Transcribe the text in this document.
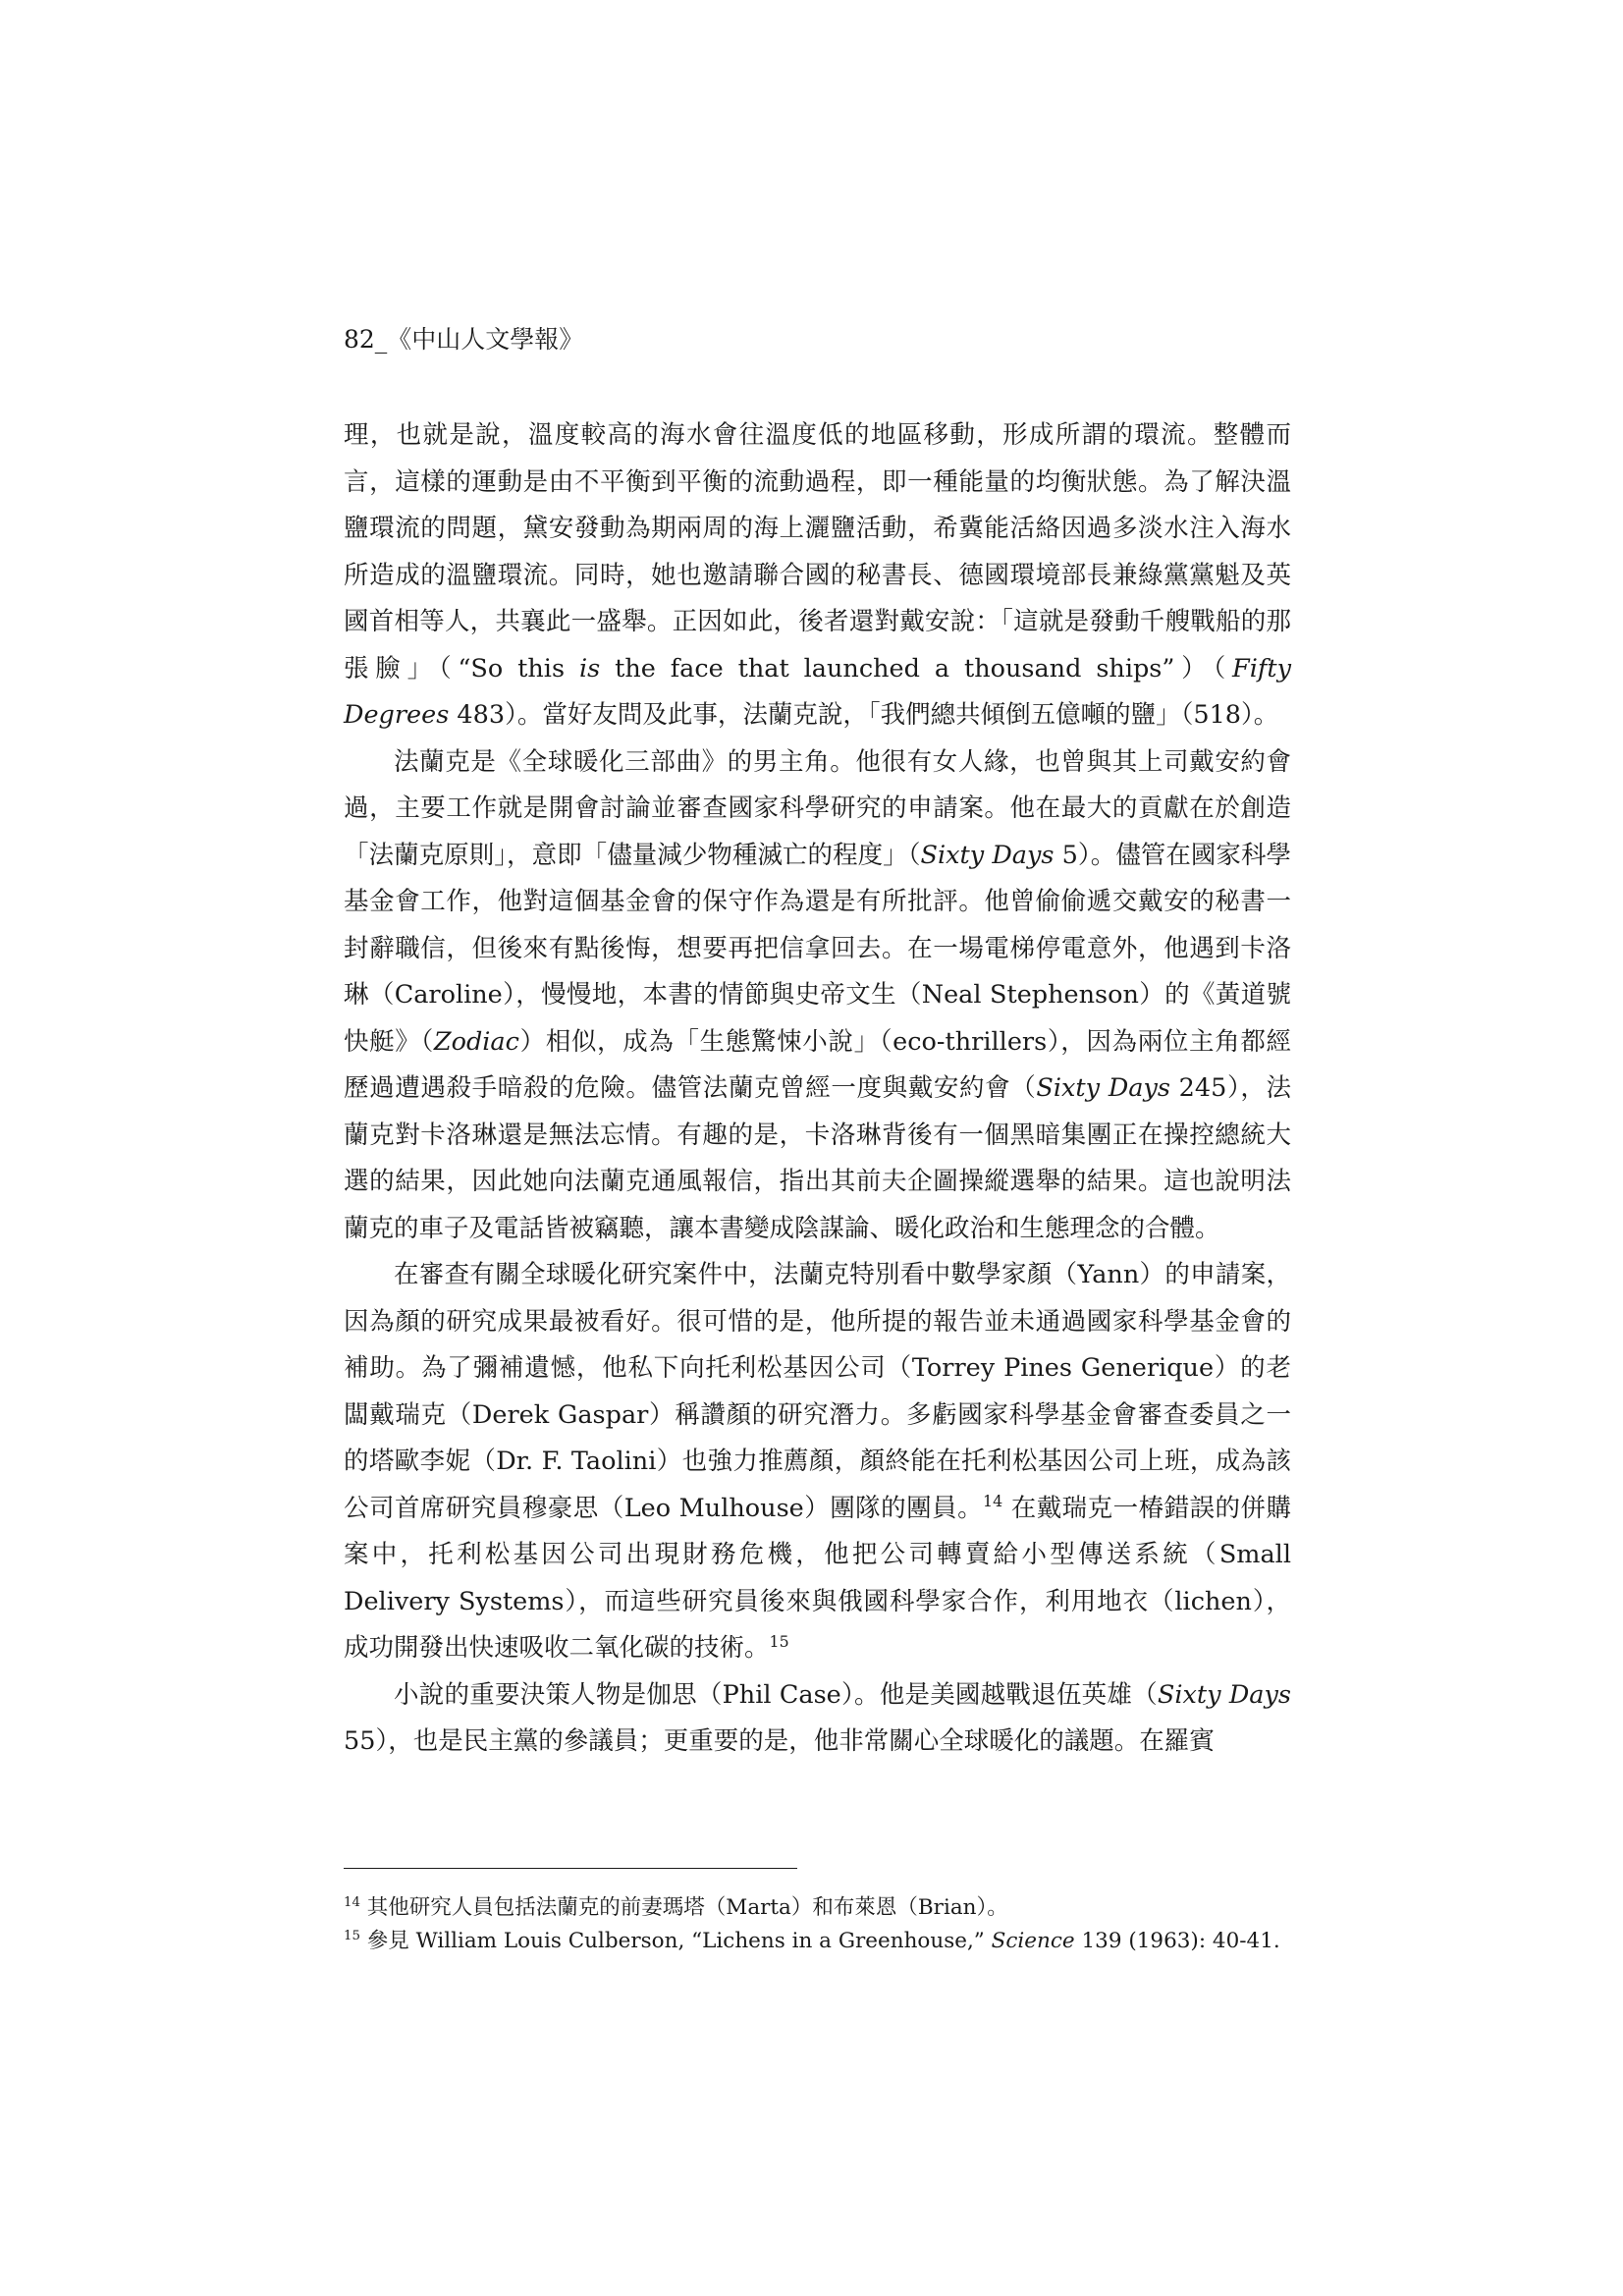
82_《中山人文學報》

理，也就是說，溫度較高的海水會往溫度低的地區移動，形成所謂的環流。整體而言，這樣的運動是由不平衡到平衡的流動過程，即一種能量的均衡狀態。為了解決溫鹽環流的問題，黛安發動為期兩周的海上灑鹽活動，希冀能活絡因過多淡水注入海水所造成的溫鹽環流。同時，她也邀請聯合國的秘書長、德國環境部長兼綠黨黨魁及英國首相等人，共襄此一盛舉。正因如此，後者還對戴安說：「這就是發動千艘戰船的那張臉」（“So this is the face that launched a thousand ships”）（Fifty Degrees 483）。當好友問及此事，法蘭克說，「我們總共傾倒五億噸的鹽」（518）。

法蘭克是《全球暖化三部曲》的男主角。他很有女人緣，也曾與其上司戴安約會過，主要工作就是開會討論並審查國家科學研究的申請案。他在最大的貢獻在於創造「法蘭克原則」，意即「儘量減少物種滅亡的程度」（Sixty Days 5）。儘管在國家科學基金會工作，他對這個基金會的保守作為還是有所批評。他曾偷偷遞交戴安的秘書一封辭職信，但後來有點後悔，想要再把信拿回去。在一場電梯停電意外，他遇到卡洛琳（Caroline），慢慢地，本書的情節與史帝文生（Neal Stephenson）的《黃道號快艇》（Zodiac）相似，成為「生態驚悚小說」（eco-thrillers），因為兩位主角都經歷過遭遇殺手暗殺的危險。儘管法蘭克曾經一度與戴安約會（Sixty Days 245），法蘭克對卡洛琳還是無法忘情。有趣的是，卡洛琳背後有一個黑暗集團正在操控總統大選的結果，因此她向法蘭克通風報信，指出其前夫企圖操縱選舉的結果。這也說明法蘭克的車子及電話皆被竊聽，讓本書變成陰謀論、暖化政治和生態理念的合體。

在審查有關全球暖化研究案件中，法蘭克特別看中數學家顏（Yann）的申請案，因為顏的研究成果最被看好。很可惜的是，他所提的報告並未通過國家科學基金會的補助。為了彌補遺憾，他私下向托利松基因公司（Torrey Pines Generique）的老闆戴瑞克（Derek Gaspar）稱讚顏的研究潛力。多虧國家科學基金會審查委員之一的塔歐李妮（Dr. F. Taolini）也強力推薦顏，顏終能在托利松基因公司上班，成為該公司首席研究員穆豪思（Leo Mulhouse）團隊的團員。$^{14}$ 在戴瑞克一椿錯誤的併購案中，托利松基因公司出現財務危機，他把公司轉賣給小型傳送系統（Small Delivery Systems），而這些研究員後來與俄國科學家合作，利用地衣（lichen），成功開發出快速吸收二氧化碳的技術。$^{15}$

小說的重要決策人物是伽思（Phil Case）。他是美國越戰退伍英雄（Sixty Days 55），也是民主黨的參議員；更重要的是，他非常關心全球暖化的議題。在羅賓

$^{14}$ 其他研究人員包括法蘭克的前妻瑪塔（Marta）和布萊恩（Brian）。

$^{15}$ 參見 William Louis Culberson, “Lichens in a Greenhouse,” Science 139 (1963): 40-41.
